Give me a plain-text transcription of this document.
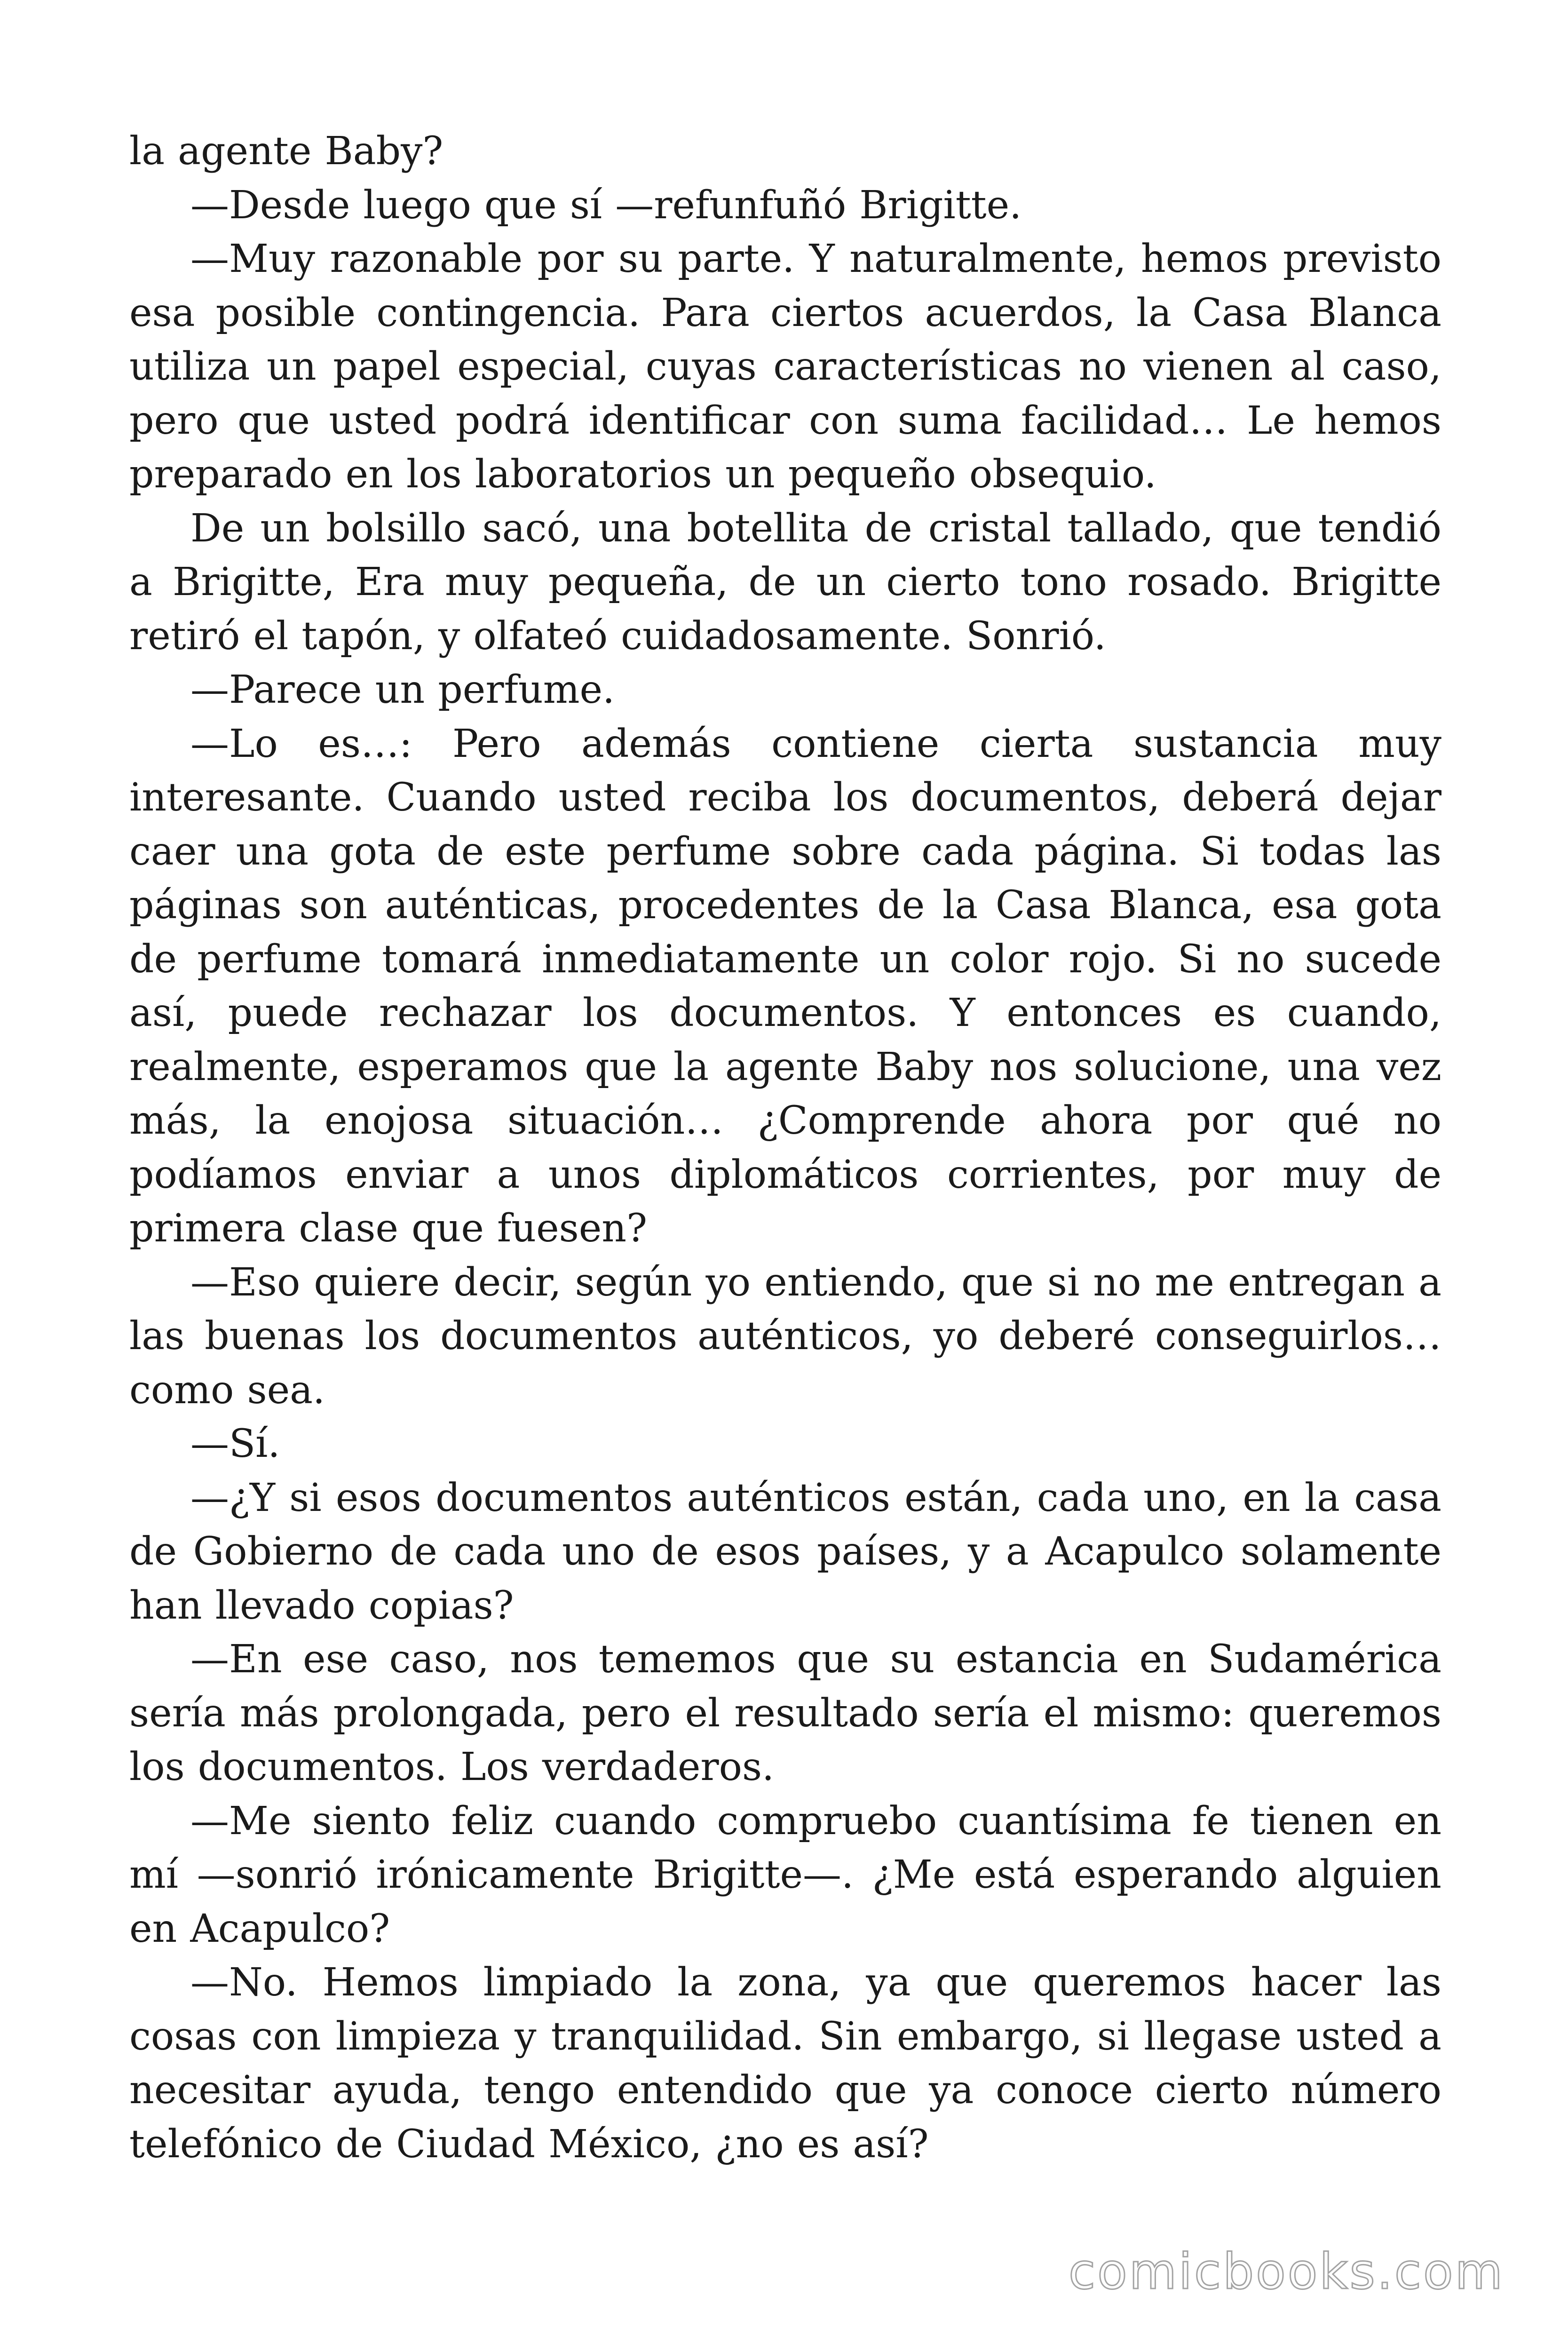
la agente Baby?

—Desde luego que sí —refunfuñó Brigitte.

—Muy razonable por su parte. Y naturalmente, hemos previsto esa posible contingencia. Para ciertos acuerdos, la Casa Blanca utiliza un papel especial, cuyas características no vienen al caso, pero que usted podrá identificar con suma facilidad… Le hemos preparado en los laboratorios un pequeño obsequio.

De un bolsillo sacó, una botellita de cristal tallado, que tendió a Brigitte, Era muy pequeña, de un cierto tono rosado. Brigitte retiró el tapón, y olfateó cuidadosamente. Sonrió.

—Parece un perfume.

—Lo es…: Pero además contiene cierta sustancia muy interesante. Cuando usted reciba los documentos, deberá dejar caer una gota de este perfume sobre cada página. Si todas las páginas son auténticas, procedentes de la Casa Blanca, esa gota de perfume tomará inmediatamente un color rojo. Si no sucede así, puede rechazar los documentos. Y entonces es cuando, realmente, esperamos que la agente Baby nos solucione, una vez más, la enojosa situación… ¿Comprende ahora por qué no podíamos enviar a unos diplomáticos corrientes, por muy de primera clase que fuesen?

—Eso quiere decir, según yo entiendo, que si no me entregan a las buenas los documentos auténticos, yo deberé conseguirlos… como sea.

—Sí.

—¿Y si esos documentos auténticos están, cada uno, en la casa de Gobierno de cada uno de esos países, y a Acapulco solamente han llevado copias?

—En ese caso, nos tememos que su estancia en Sudamérica sería más prolongada, pero el resultado sería el mismo: queremos los documentos. Los verdaderos.

—Me siento feliz cuando compruebo cuantísima fe tienen en mí —sonrió irónicamente Brigitte—. ¿Me está esperando alguien en Acapulco?

—No. Hemos limpiado la zona, ya que queremos hacer las cosas con limpieza y tranquilidad. Sin embargo, si llegase usted a necesitar ayuda, tengo entendido que ya conoce cierto número telefónico de Ciudad México, ¿no es así?

comicbooks.com
